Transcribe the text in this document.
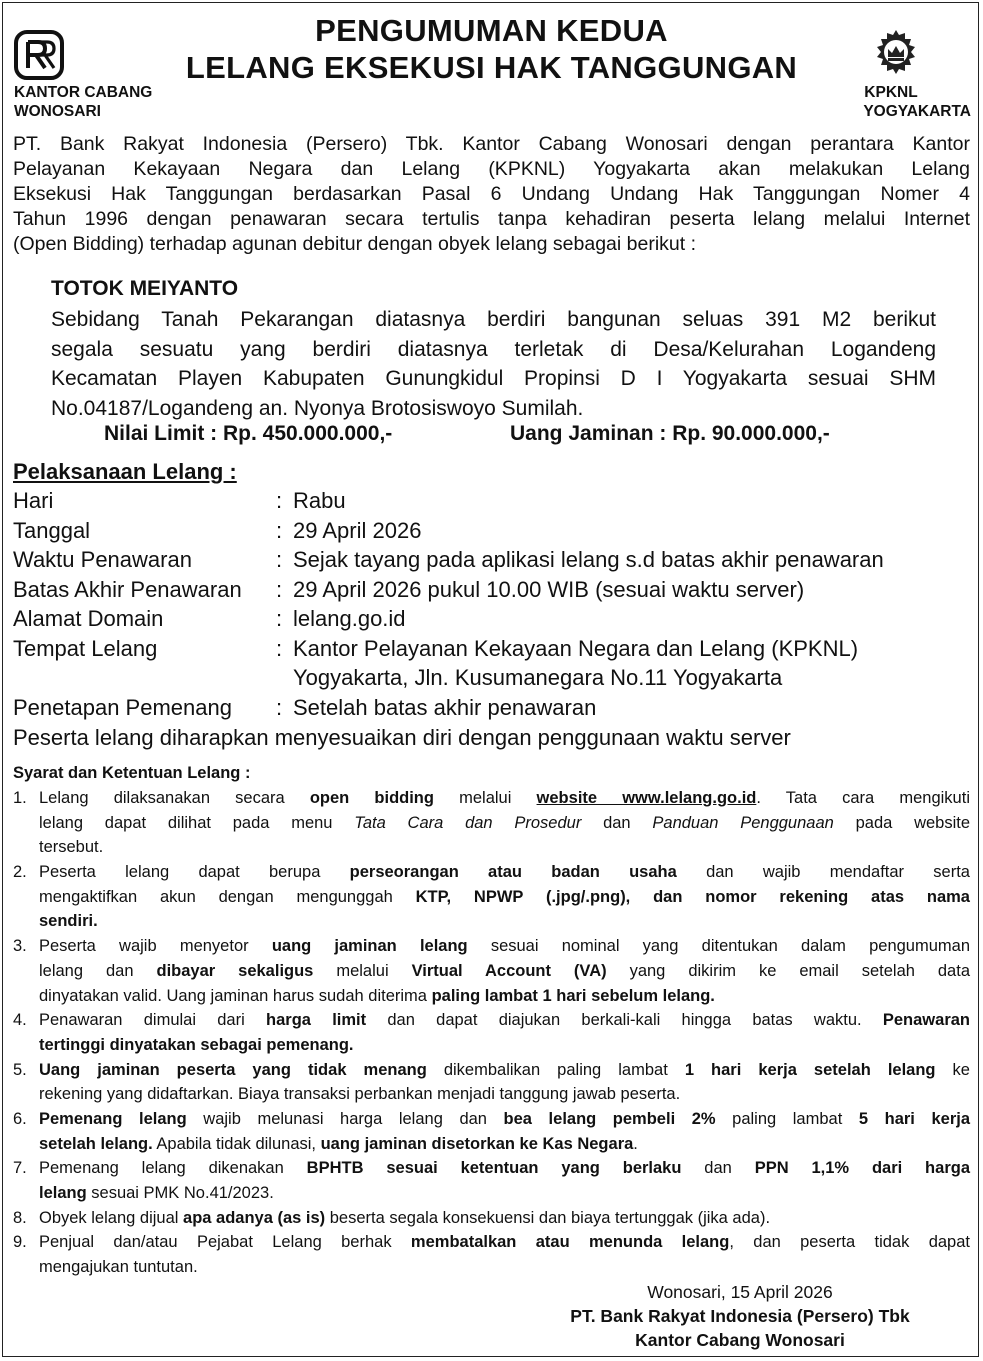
KANTOR CABANG
WONOSARI
KPKNL
YOGYAKARTA
PENGUMUMAN KEDUA
LELANG EKSEKUSI HAK TANGGUNGAN
PT. Bank Rakyat Indonesia (Persero) Tbk. Kantor Cabang Wonosari dengan perantara Kantor
Pelayanan Kekayaan Negara dan Lelang (KPKNL) Yogyakarta akan melakukan Lelang
Eksekusi Hak Tanggungan berdasarkan Pasal 6 Undang Undang Hak Tanggungan Nomer 4
Tahun 1996 dengan penawaran secara tertulis tanpa kehadiran peserta lelang melalui Internet
(Open Bidding) terhadap agunan debitur dengan obyek lelang sebagai berikut :
TOTOK MEIYANTO
Sebidang Tanah Pekarangan diatasnya berdiri bangunan seluas 391 M2 berikut
segala sesuatu yang berdiri diatasnya terletak di Desa/Kelurahan Logandeng
Kecamatan Playen Kabupaten Gunungkidul Propinsi D I Yogyakarta sesuai SHM
No.04187/Logandeng an. Nyonya Brotosiswoyo Sumilah.
Nilai Limit : Rp. 450.000.000,-	Uang Jaminan : Rp. 90.000.000,-
Pelaksanaan Lelang :
Hari	: Rabu
Tanggal	: 29 April 2026
Waktu Penawaran	: Sejak tayang pada aplikasi lelang s.d batas akhir penawaran
Batas Akhir Penawaran : 29 April 2026 pukul 10.00 WIB (sesuai waktu server)
Alamat Domain	: lelang.go.id
Tempat Lelang	: Kantor Pelayanan Kekayaan Negara dan Lelang (KPKNL)
Yogyakarta, Jln. Kusumanegara No.11 Yogyakarta
Penetapan Pemenang : Setelah batas akhir penawaran
Peserta lelang diharapkan menyesuaikan diri dengan penggunaan waktu server
Syarat dan Ketentuan Lelang :
1. Lelang dilaksanakan secara open bidding melalui website www.lelang.go.id. Tata cara mengikuti
lelang dapat dilihat pada menu Tata Cara dan Prosedur dan Panduan Penggunaan pada website
tersebut.
2. Peserta lelang dapat berupa perseorangan atau badan usaha dan wajib mendaftar serta
mengaktifkan akun dengan mengunggah KTP, NPWP (.jpg/.png), dan nomor rekening atas nama
sendiri.
3. Peserta wajib menyetor uang jaminan lelang sesuai nominal yang ditentukan dalam pengumuman
lelang dan dibayar sekaligus melalui Virtual Account (VA) yang dikirim ke email setelah data
dinyatakan valid. Uang jaminan harus sudah diterima paling lambat 1 hari sebelum lelang.
4. Penawaran dimulai dari harga limit dan dapat diajukan berkali-kali hingga batas waktu. Penawaran
tertinggi dinyatakan sebagai pemenang.
5. Uang jaminan peserta yang tidak menang dikembalikan paling lambat 1 hari kerja setelah lelang ke
rekening yang didaftarkan. Biaya transaksi perbankan menjadi tanggung jawab peserta.
6. Pemenang lelang wajib melunasi harga lelang dan bea lelang pembeli 2% paling lambat 5 hari kerja
setelah lelang. Apabila tidak dilunasi, uang jaminan disetorkan ke Kas Negara.
7. Pemenang lelang dikenakan BPHTB sesuai ketentuan yang berlaku dan PPN 1,1% dari harga
lelang sesuai PMK No.41/2023.
8. Obyek lelang dijual apa adanya (as is) beserta segala konsekuensi dan biaya tertunggak (jika ada).
9. Penjual dan/atau Pejabat Lelang berhak membatalkan atau menunda lelang, dan peserta tidak dapat
mengajukan tuntutan.
Wonosari, 15 April 2026
PT. Bank Rakyat Indonesia (Persero) Tbk
Kantor Cabang Wonosari
